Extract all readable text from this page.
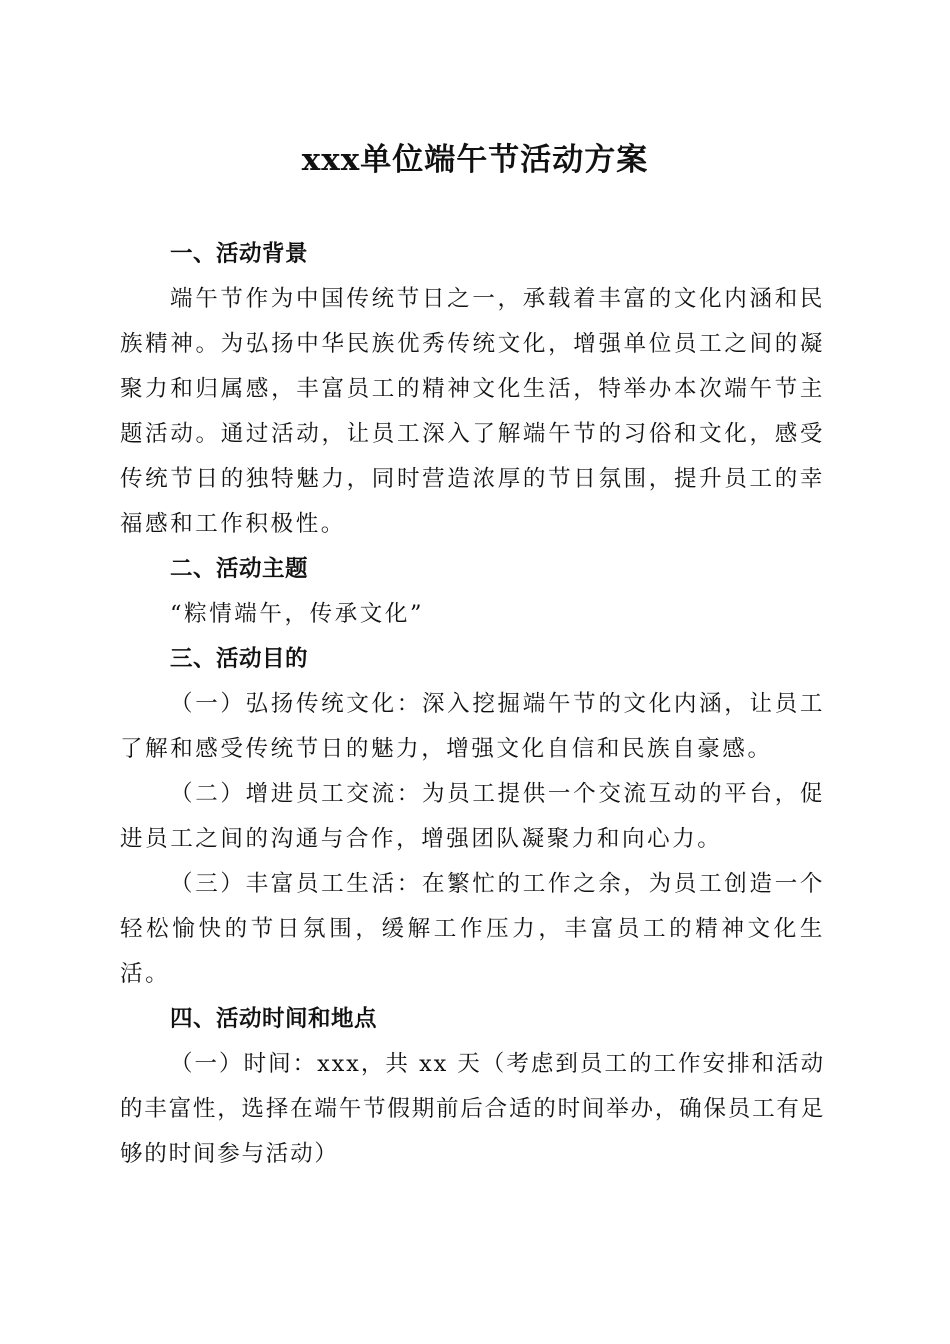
xxx单位端午节活动方案
一、活动背景

端午节作为中国传统节日之一，承载着丰富的文化内涵和民族精神。为弘扬中华民族优秀传统文化，增强单位员工之间的凝聚力和归属感，丰富员工的精神文化生活，特举办本次端午节主题活动。通过活动，让员工深入了解端午节的习俗和文化，感受传统节日的独特魅力，同时营造浓厚的节日氛围，提升员工的幸福感和工作积极性。

二、活动主题

“粽情端午，传承文化”

三、活动目的

（一）弘扬传统文化：深入挖掘端午节的文化内涵，让员工了解和感受传统节日的魅力，增强文化自信和民族自豪感。

（二）增进员工交流：为员工提供一个交流互动的平台，促进员工之间的沟通与合作，增强团队凝聚力和向心力。

（三）丰富员工生活：在繁忙的工作之余，为员工创造一个轻松愉快的节日氛围，缓解工作压力，丰富员工的精神文化生活。

四、活动时间和地点

（一）时间：xxx，共 xx 天（考虑到员工的工作安排和活动的丰富性，选择在端午节假期前后合适的时间举办，确保员工有足够的时间参与活动）
